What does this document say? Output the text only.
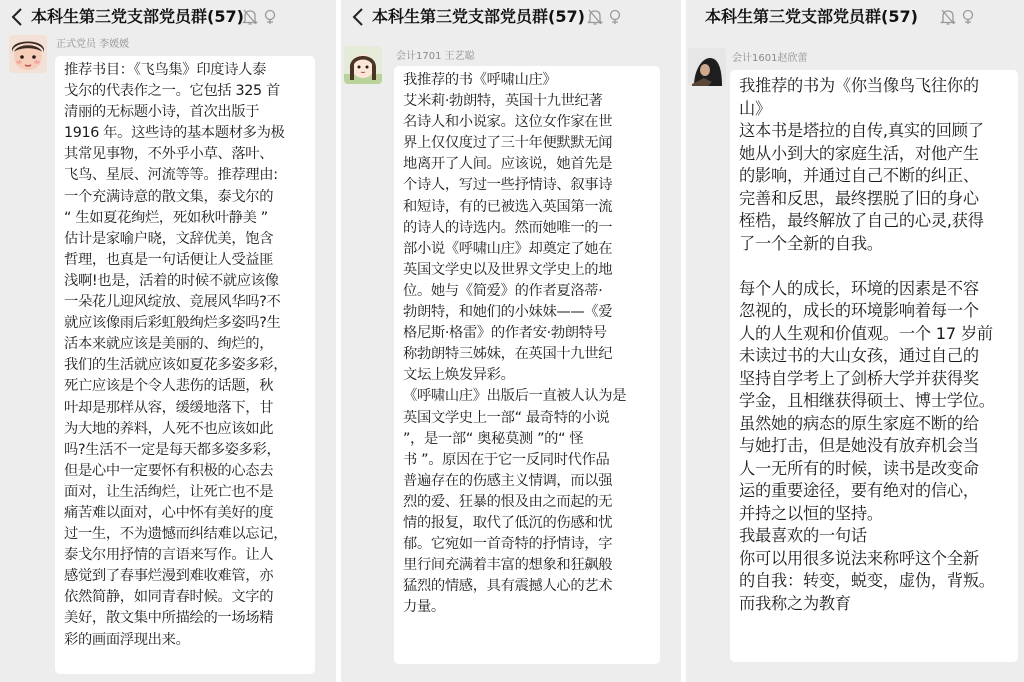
本科生第三党支部党员群(57)
正式党员 李媛媛
推荐书目：《飞鸟集》印度诗人泰
戈尔的代表作之一。它包括 325 首
清丽的无标题小诗，首次出版于
1916 年。这些诗的基本题材多为极
其常见事物，不外乎小草、落叶、
飞鸟、星辰、河流等等。推荐理由:
一个充满诗意的散文集，泰戈尔的
“ 生如夏花绚烂，死如秋叶静美 ”
估计是家喻户晓，文辞优美，饱含
哲理，也真是一句话便让人受益匪
浅啊!也是，活着的时候不就应该像
一朵花儿迎风绽放、竞展风华吗?不
就应该像雨后彩虹般绚烂多姿吗?生
活本来就应该是美丽的、绚烂的，
我们的生活就应该如夏花多姿多彩，
死亡应该是个令人悲伤的话题，秋
叶却是那样从容，缓缓地落下，甘
为大地的养料，人死不也应该如此
吗?生活不一定是每天都多姿多彩，
但是心中一定要怀有积极的心态去
面对，让生活绚烂，让死亡也不是
痛苦难以面对，心中怀有美好的度
过一生，不为遗憾而纠结难以忘记，
泰戈尔用抒情的言语来写作。让人
感觉到了春事烂漫到难收难管，亦
依然简静，如同青春时候。文字的
美好，散文集中所描绘的一场场精
彩的画面浮现出来。
本科生第三党支部党员群(57)
会计1701 王艺聪
我推荐的书《呼啸山庄》
艾米莉·勃朗特，英国十九世纪著
名诗人和小说家。这位女作家在世
界上仅仅度过了三十年便默默无闻
地离开了人间。应该说，她首先是
个诗人，写过一些抒情诗、叙事诗
和短诗，有的已被选入英国第一流
的诗人的诗选内。然而她唯一的一
部小说《呼啸山庄》却奠定了她在
英国文学史以及世界文学史上的地
位。她与《简爱》的作者夏洛蒂·
勃朗特，和她们的小妹妹——《爱
格尼斯·格雷》的作者安·勃朗特号
称勃朗特三姊妹，在英国十九世纪
文坛上焕发异彩。
《呼啸山庄》出版后一直被人认为是
英国文学史上一部“ 最奇特的小说
”，是一部“ 奥秘莫测 ”的“ 怪
书 ”。原因在于它一反同时代作品
普遍存在的伤感主义情调，而以强
烈的爱、狂暴的恨及由之而起的无
情的报复，取代了低沉的伤感和忧
郁。它宛如一首奇特的抒情诗，字
里行间充满着丰富的想象和狂飙般
猛烈的情感，具有震撼人心的艺术
力量。
本科生第三党支部党员群(57)
会计1601赵欣蕾
我推荐的书为《你当像鸟飞往你的
山》
这本书是塔拉的自传,真实的回顾了
她从小到大的家庭生活，对他产生
的影响，并通过自己不断的纠正、
完善和反思，最终摆脱了旧的身心
桎梏，最终解放了自己的心灵,获得
了一个全新的自我。

每个人的成长，环境的因素是不容
忽视的，成长的环境影响着每一个
人的人生观和价值观。一个 17 岁前
未读过书的大山女孩，通过自己的
坚持自学考上了剑桥大学并获得奖
学金，且相继获得硕士、博士学位。
虽然她的病态的原生家庭不断的给
与她打击，但是她没有放弃机会当
人一无所有的时候，读书是改变命
运的重要途径，要有绝对的信心，
并持之以恒的坚持。
我最喜欢的一句话
你可以用很多说法来称呼这个全新
的自我：转变，蜕变，虚伪，背叛。
而我称之为教育
